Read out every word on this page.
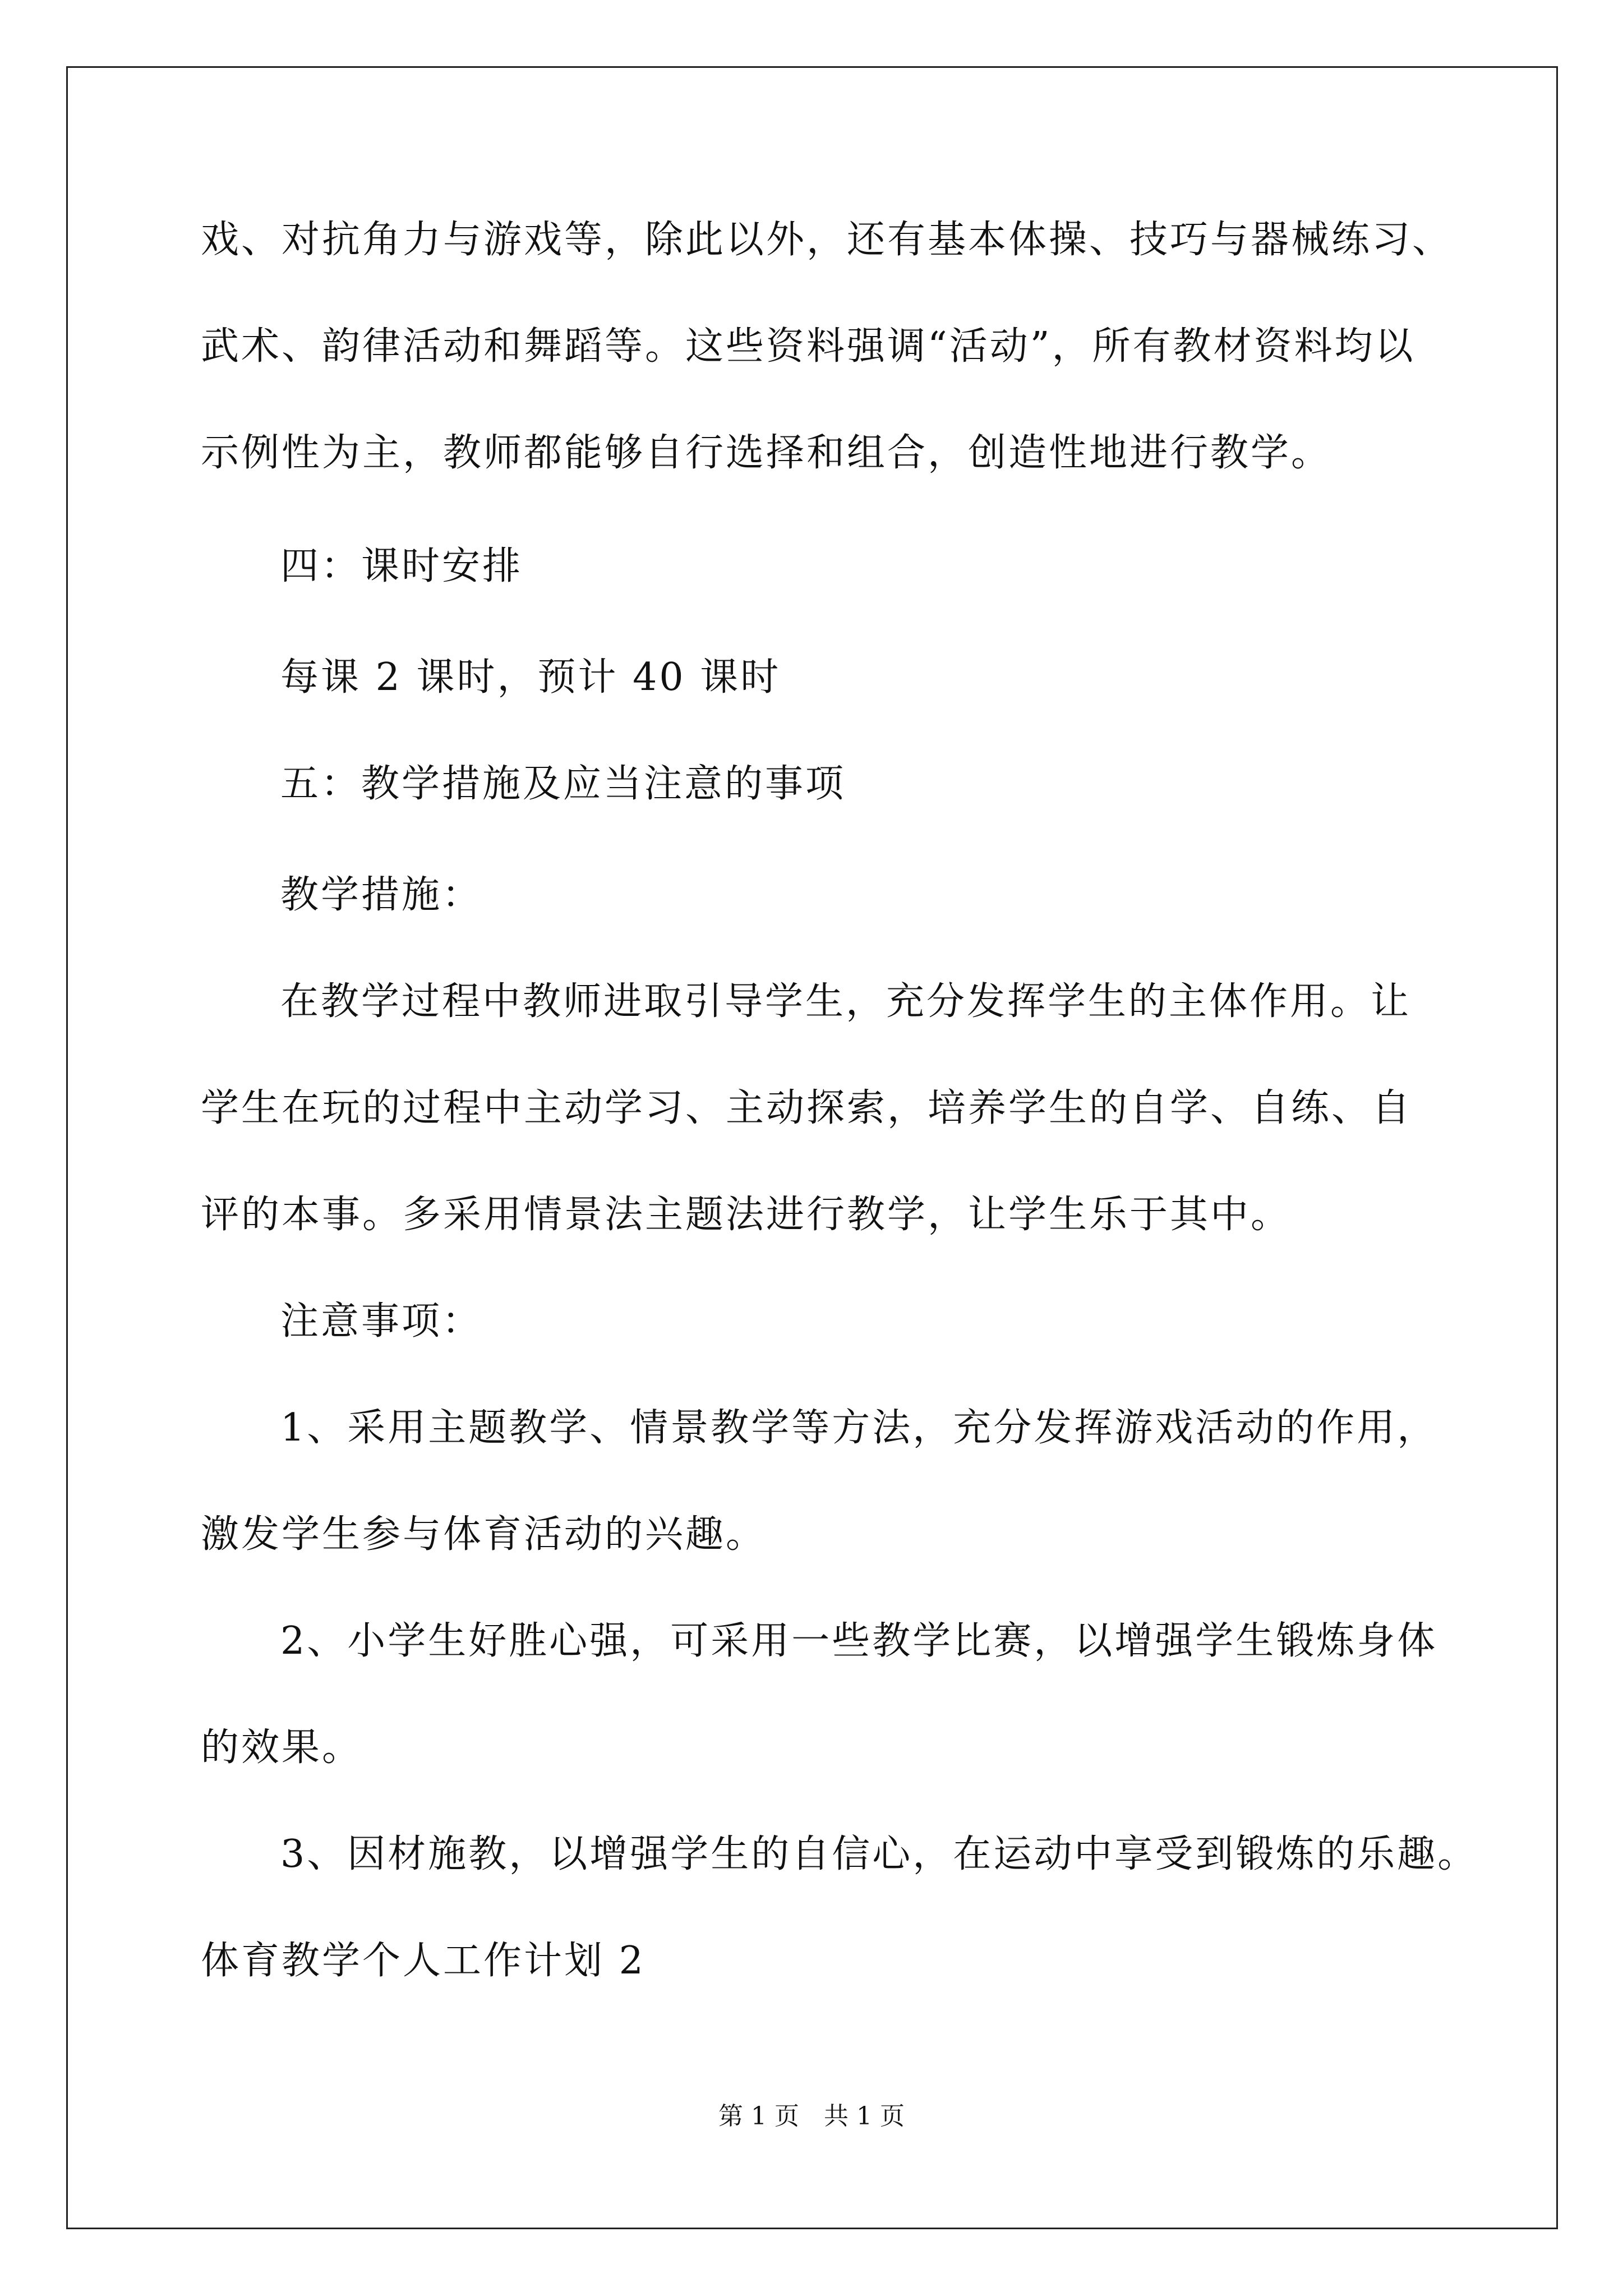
戏、对抗角力与游戏等，除此以外，还有基本体操、技巧与器械练习、
武术、韵律活动和舞蹈等。这些资料强调“活动”，所有教材资料均以
示例性为主，教师都能够自行选择和组合，创造性地进行教学。
四：课时安排
每课 2 课时，预计 40 课时
五：教学措施及应当注意的事项
教学措施：
在教学过程中教师进取引导学生，充分发挥学生的主体作用。让
学生在玩的过程中主动学习、主动探索，培养学生的自学、自练、自
评的本事。多采用情景法主题法进行教学，让学生乐于其中。
注意事项：
1、采用主题教学、情景教学等方法，充分发挥游戏活动的作用，
激发学生参与体育活动的兴趣。
2、小学生好胜心强，可采用一些教学比赛，以增强学生锻炼身体
的效果。
3、因材施教，以增强学生的自信心，在运动中享受到锻炼的乐趣。
体育教学个人工作计划 2
第 1 页　共 1 页
